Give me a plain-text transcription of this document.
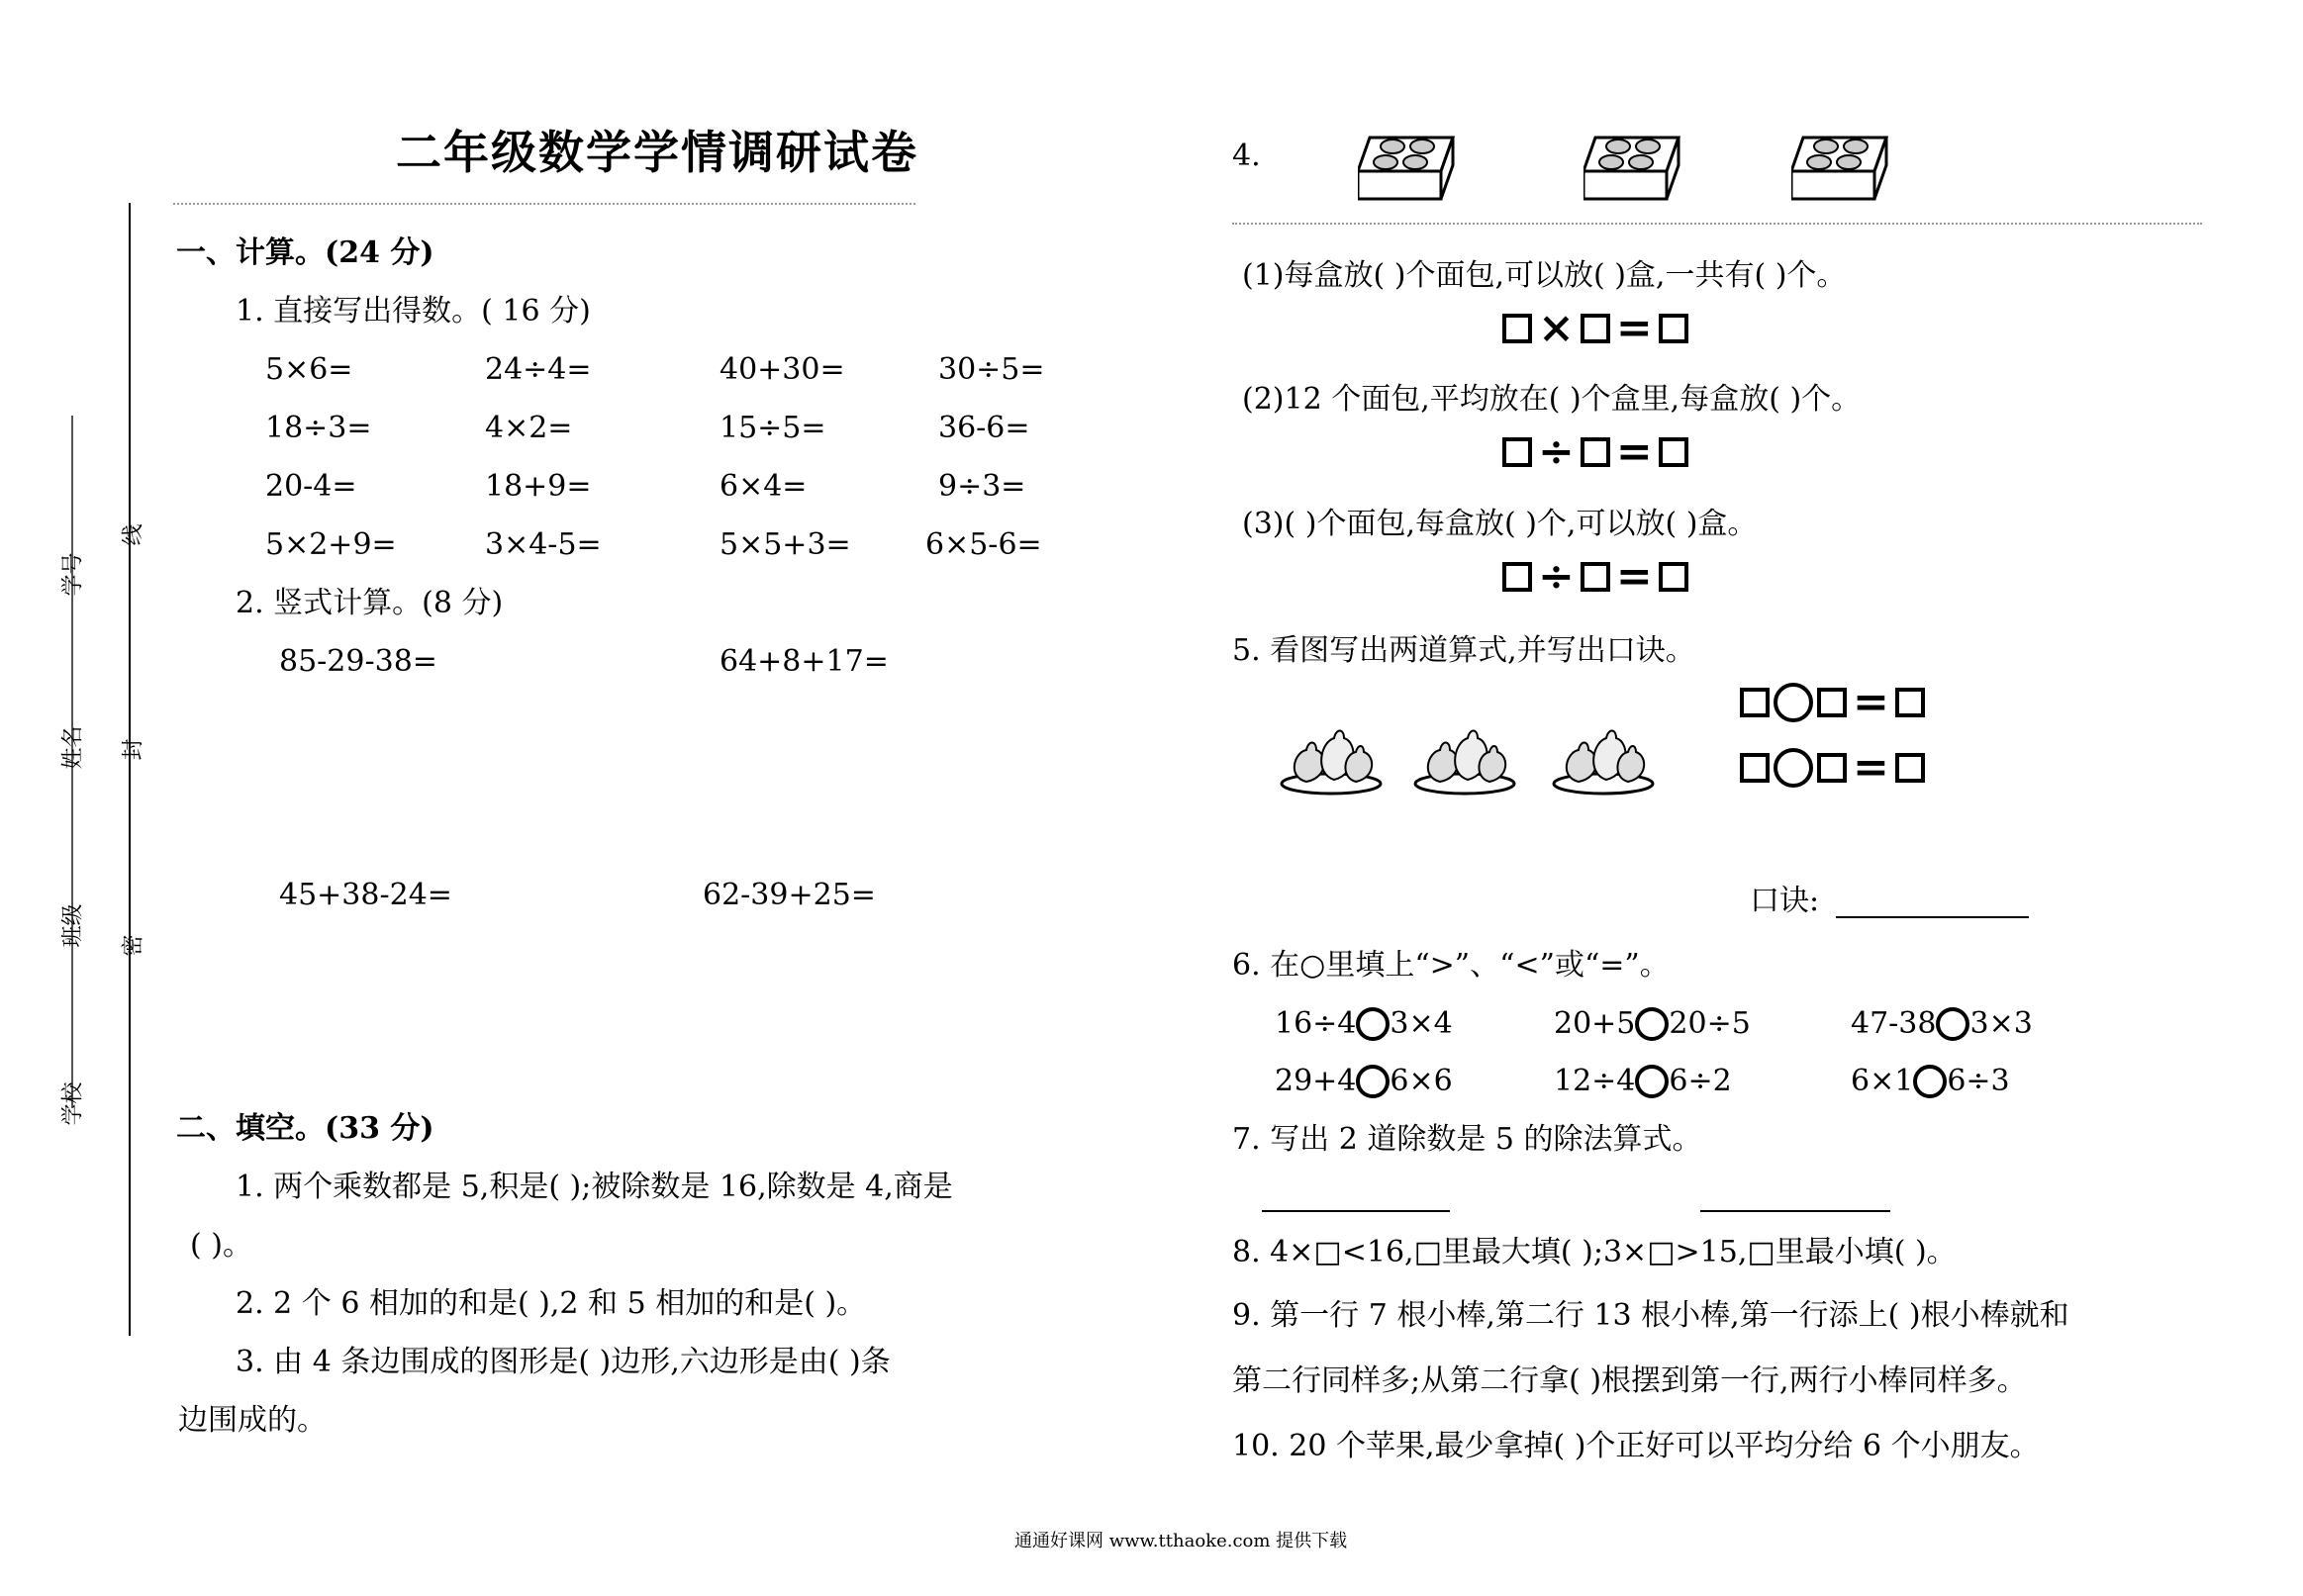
二年级数学学情调研试卷
学校
班级
姓名
学号
线
封
密
一、计算。(24 分)
1. 直接写出得数。( 16 分)
5×6=	24÷4=	40+30=	30÷5=
18÷3=	4×2=	15÷5=	36-6=
20-4=	18+9=	6×4=	9÷3=
5×2+9=	3×4-5=	5×5+3=	6×5-6=
2. 竖式计算。(8 分)
85-29-38=	64+8+17=
45+38-24=	62-39+25=
二、填空。(33 分)
1. 两个乘数都是 5,积是( );被除数是 16,除数是 4,商是
( )。
2. 2 个 6 相加的和是( ),2 和 5 相加的和是( )。
3. 由 4 条边围成的图形是( )边形,六边形是由( )条
边围成的。
4.
(1)每盒放( )个面包,可以放( )盒,一共有( )个。
× =
(2)12 个面包,平均放在( )个盒里,每盒放( )个。
÷ =
(3)( )个面包,每盒放( )个,可以放( )盒。
÷ =
5. 看图写出两道算式,并写出口诀。
=
=
口诀:
6. 在○里填上“>”、“<”或“=”。
16÷4 3×4	20+5 20÷5	47-38 3×3
29+4 6×6	12÷4 6÷2	6×1 6÷3
7. 写出 2 道除数是 5 的除法算式。
8. 4×□<16,□里最大填( );3×□>15,□里最小填( )。
9. 第一行 7 根小棒,第二行 13 根小棒,第一行添上( )根小棒就和
第二行同样多;从第二行拿( )根摆到第一行,两行小棒同样多。
10. 20 个苹果,最少拿掉( )个正好可以平均分给 6 个小朋友。
通通好课网 www.tthaoke.com 提供下载
